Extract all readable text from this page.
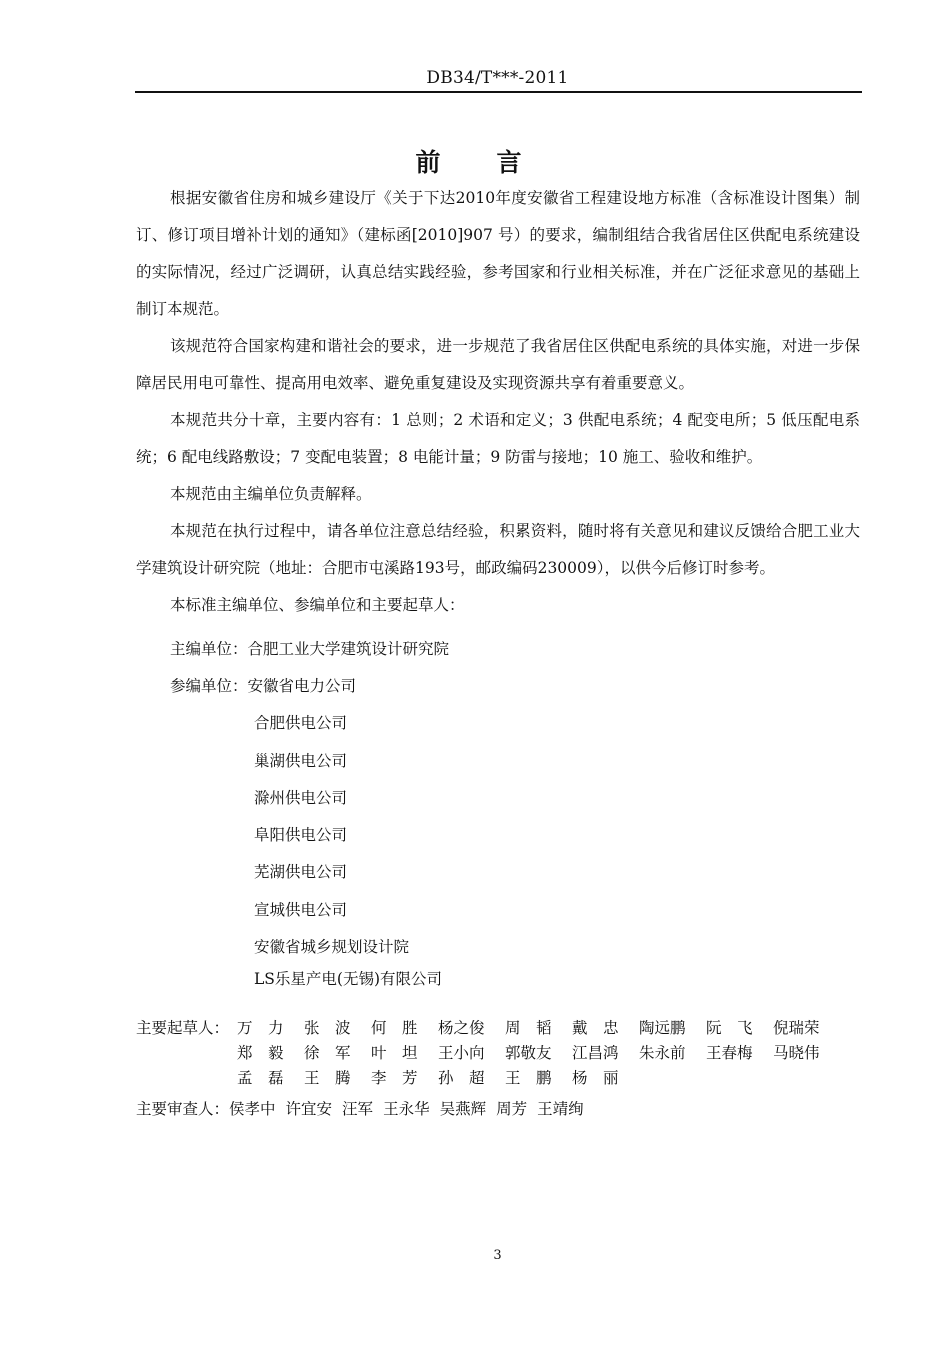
DB34/T***-2011
前 言

根据安徽省住房和城乡建设厅《关于下达2010年度安徽省工程建设地方标准（含标准设计图集）制订、修订项目增补计划的通知》（建标函[2010]907 号）的要求，编制组结合我省居住区供配电系统建设的实际情况，经过广泛调研，认真总结实践经验，参考国家和行业相关标准，并在广泛征求意见的基础上制订本规范。

该规范符合国家构建和谐社会的要求，进一步规范了我省居住区供配电系统的具体实施，对进一步保障居民用电可靠性、提高用电效率、避免重复建设及实现资源共享有着重要意义。

本规范共分十章，主要内容有：1 总则；2 术语和定义；3 供配电系统；4 配变电所；5 低压配电系统；6 配电线路敷设；7 变配电装置；8 电能计量；9 防雷与接地；10 施工、验收和维护。

本规范由主编单位负责解释。

本规范在执行过程中，请各单位注意总结经验，积累资料，随时将有关意见和建议反馈给合肥工业大学建筑设计研究院（地址：合肥市屯溪路193号，邮政编码230009），以供今后修订时参考。

本标准主编单位、参编单位和主要起草人：

主编单位：合肥工业大学建筑设计研究院
参编单位：安徽省电力公司
合肥供电公司
巢湖供电公司
滁州供电公司
阜阳供电公司
芜湖供电公司
宣城供电公司
安徽省城乡规划设计院
LS乐星产电(无锡)有限公司
主要起草人： 万　力	张　波	何　胜	杨之俊	周　韬	戴　忠	陶远鹏	阮　飞	倪瑞荣
郑　毅	徐　军	叶　坦	王小向	郭敬友	江昌鸿	朱永前	王春梅	马晓伟
孟　磊	王　腾	李　芳	孙　超	王　鹏	杨　丽
主要审查人：侯孝中 许宜安 汪军 王永华 吴燕辉 周芳 王靖绚
3
